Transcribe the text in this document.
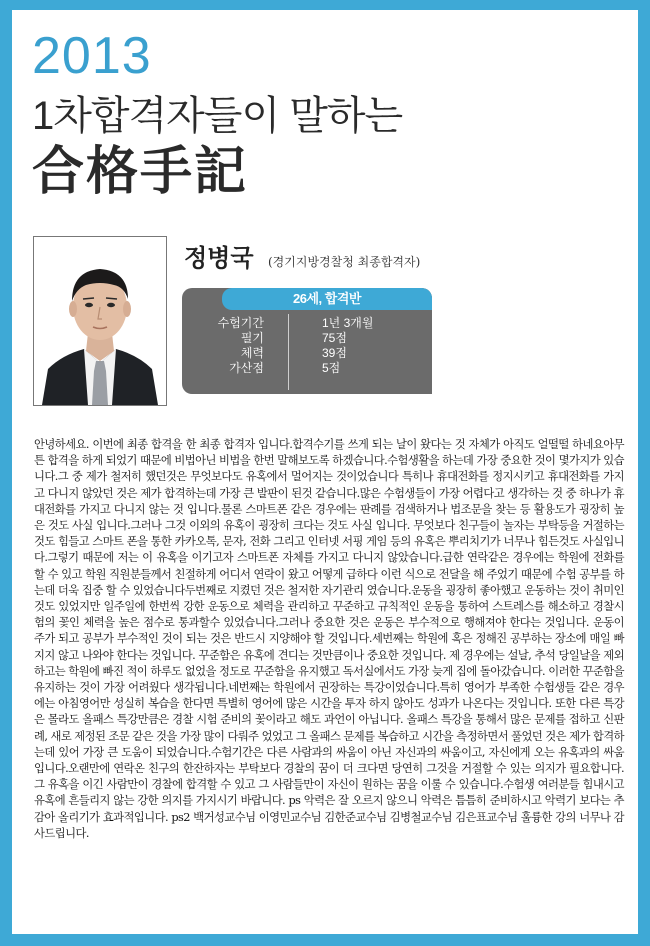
2013
1차합격자들이 말하는
合格手記
정병국 (경기지방경찰청 최종합격자)
26세, 합격반
수험기간	1년 3개월
필기	75점
체력	39점
가산점	5점
안녕하세요. 이번에 최종 합격을 한 최종 합격자 입니다.합격수기를 쓰게 되는 날이 왔다는 것 자체가 아직도 얼떨떨 하네요아무튼 합격을 하게 되었기 때문에 비법아닌 비법을 한번 말해보도록 하겠습니다.수험생활을 하는데 가장 중요한 것이 몇가지가 있습니다.그 중 제가 철저히 했던것은 무엇보다도 유혹에서 멀어지는 것이었습니다 특히나 휴대전화를 정지시키고 휴대전화를 가지고 다니지 않았던 것은 제가 합격하는데 가장 큰 발판이 된것 같습니다.많은 수험생들이 가장 어렵다고 생각하는 것 중 하나가 휴대전화를 가지고 다니지 않는 것 입니다.물론 스마트폰 같은 경우에는 판례를 검색하거나 법조문을 찾는 등 활용도가 굉장히 높은 것도 사실 입니다.그러나 그것 이외의 유혹이 굉장히 크다는 것도 사실 입니다. 무엇보다 친구들이 놀자는 부탁등을 거절하는 것도 힘들고 스마트 폰을 통한 카카오톡, 문자, 전화 그리고 인터넷 서핑 게임 등의 유혹은 뿌리치기가 너무나 힘든것도 사실입니다.그렇기 때문에 저는 이 유혹을 이기고자 스마트폰 자체를 가지고 다니지 않았습니다.급한 연락같은 경우에는 학원에 전화를 할 수 있고 학원 직원분들께서 친절하게 어디서 연락이 왔고 어떻게 급하다 이런 식으로 전달을 해 주었기 때문에 수험 공부를 하는데 더욱 집중 할 수 있었습니다두번째로 지켰던 것은 철저한 자기관리 였습니다.운동을 굉장히 좋아했고 운동하는 것이 취미인 것도 있었지만 일주일에 한번씩 강한 운동으로 체력을 관리하고 꾸준하고 규칙적인 운동을 통하여 스트레스를 해소하고 경찰시험의 꽃인 체력을 높은 점수로 통과할수 있었습니다.그러나 중요한 것은 운동은 부수적으로 행해져야 한다는 것입니다. 운동이 주가 되고 공부가 부수적인 것이 되는 것은 반드시 지양해야 할 것입니다.세번째는 학원에 혹은 정해진 공부하는 장소에 매일 빠지지 않고 나와야 한다는 것입니다. 꾸준함은 유혹에 견디는 것만큼이나 중요한 것입니다. 제 경우에는 설날, 추석 당일날을 제외하고는 학원에 빠진 적이 하루도 없었을 정도로 꾸준함을 유지했고 독서실에서도 가장 늦게 집에 돌아갔습니다. 이러한 꾸준함을 유지하는 것이 가장 어려웠다 생각됩니다.네번째는 학원에서 권장하는 특강이었습니다.특히 영어가 부족한 수험생들 같은 경우에는 아침영어만 성실히 복습을 한다면 특별히 영어에 많은 시간을 투자 하지 않아도 성과가 나온다는 것입니다. 또한 다른 특강은 몰라도 올패스 특강만큼은 경찰 시험 준비의 꽃이라고 해도 과언이 아닙니다. 올패스 특강을 통해서 많은 문제를 접하고 신판례, 새로 제정된 조문 같은 것을 가장 많이 다뤄주 었었고 그 올패스 문제를 복습하고 시간을 측정하면서 풀었던 것은 제가 합격하는데 있어 가장 큰 도움이 되었습니다.수험기간은 다른 사람과의 싸움이 아닌 자신과의 싸움이고, 자신에게 오는 유혹과의 싸움입니다.오랜만에 연락온 친구의 한잔하자는 부탁보다 경찰의 꿈이 더 크다면 당연히 그것을 거절할 수 있는 의지가 필요합니다.그 유혹을 이긴 사람만이 경찰에 합격할 수 있고 그 사람들만이 자신이 원하는 꿈을 이룰 수 있습니다.수험생 여러분들 힘내시고 유혹에 흔들리지 않는 강한 의지를 가지시기 바랍니다. ps 악력은 잘 오르지 않으니 악력은 틈틈히 준비하시고 악력기 보다는 추감아 올리기가 효과적입니다. ps2 백거성교수님 이영민교수님 김한준교수님 김병철교수님 김은표교수님 훌륭한 강의 너무나 감사드립니다.
